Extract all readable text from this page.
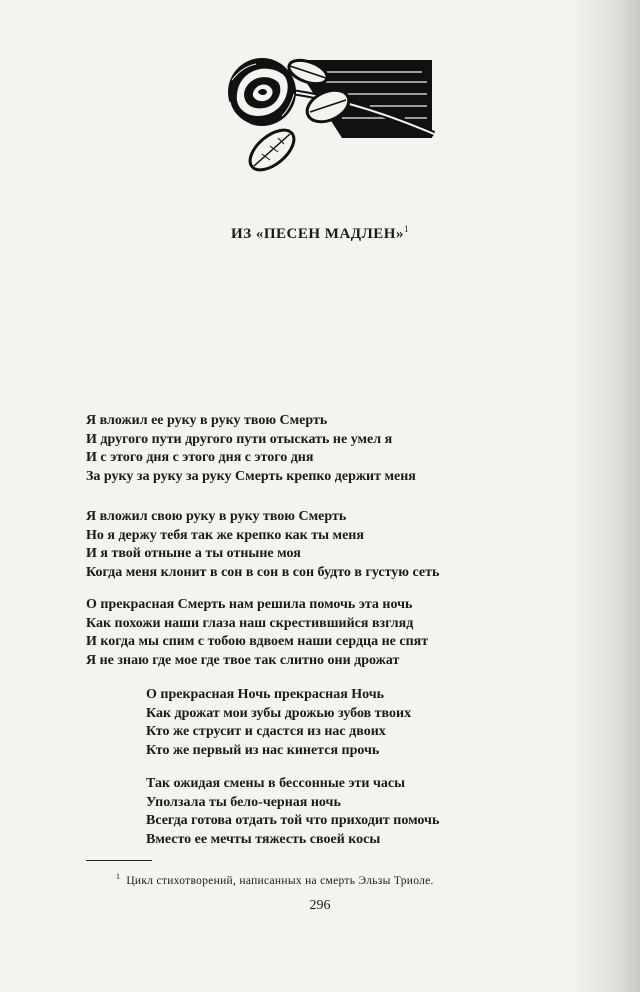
ИЗ «ПЕСЕН МАДЛЕН»$^1$
Я вложил ее руку в руку твою Смерть
И другого пути другого пути отыскать не умел я
И с этого дня с этого дня с этого дня
За руку за руку за руку Смерть крепко держит меня
Я вложил свою руку в руку твою Смерть
Но я держу тебя так же крепко как ты меня
И я твой отныне а ты отныне моя
Когда меня клонит в сон в сон в сон будто в густую сеть
О прекрасная Смерть нам решила помочь эта ночь
Как похожи наши глаза наш скрестившийся взгляд
И когда мы спим с тобою вдвоем наши сердца не спят
Я не знаю где мое где твое так слитно они дрожат
О прекрасная Ночь прекрасная Ночь
Как дрожат мои зубы дрожью зубов твоих
Кто же струсит и сдастся из нас двоих
Кто же первый из нас кинется прочь
Так ожидая смены в бессонные эти часы
Уползала ты бело-черная ночь
Всегда готова отдать той что приходит помочь
Вместо ее мечты тяжесть своей косы
$^1$ Цикл стихотворений, написанных на смерть Эльзы Триоле.
296
